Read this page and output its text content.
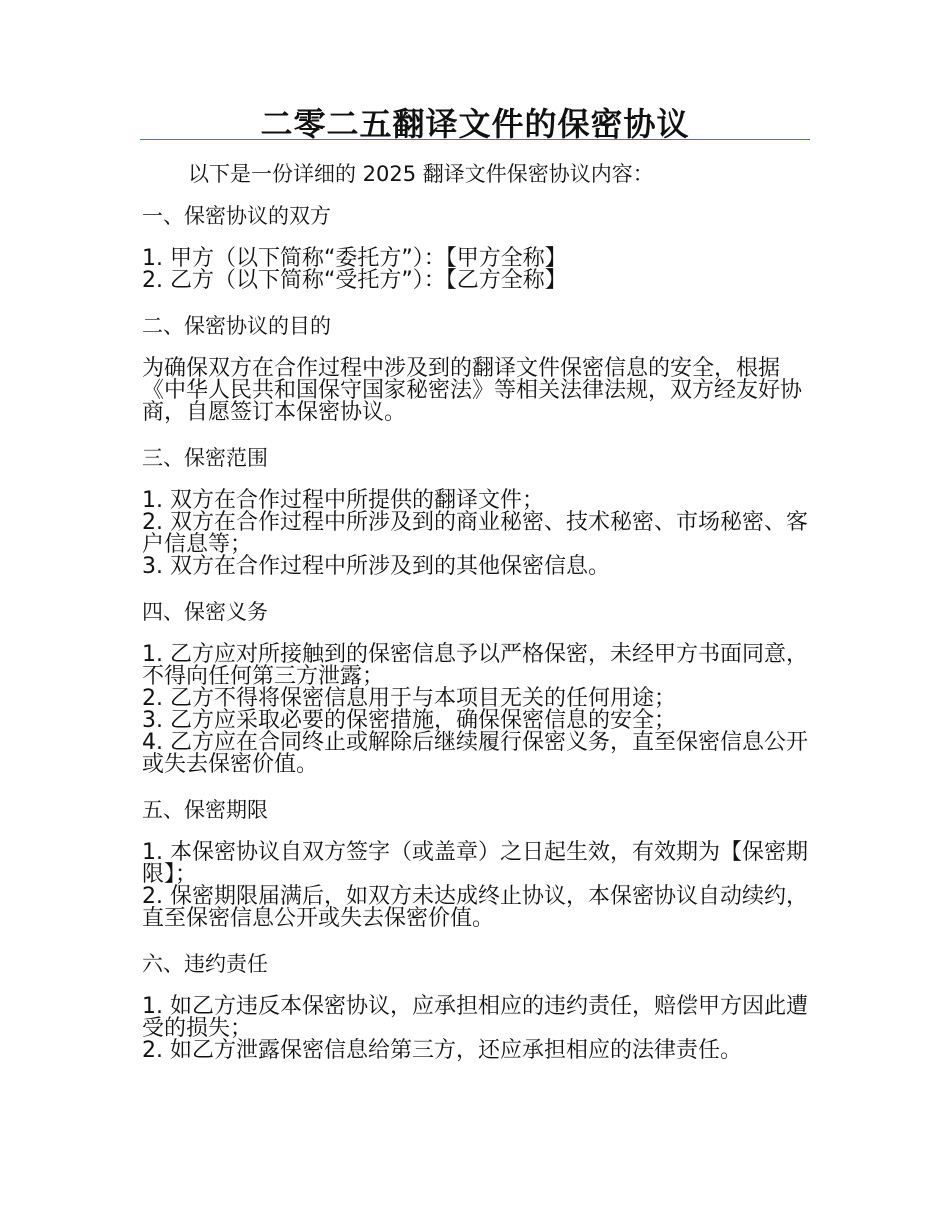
二零二五翻译文件的保密协议

以下是一份详细的 2025 翻译文件保密协议内容：

一、保密协议的双方

1. 甲方（以下简称“委托方”）：【甲方全称】

2. 乙方（以下简称“受托方”）：【乙方全称】

二、保密协议的目的

为确保双方在合作过程中涉及到的翻译文件保密信息的安全，根据《中华人民共和国保守国家秘密法》等相关法律法规，双方经友好协商，自愿签订本保密协议。

三、保密范围

1. 双方在合作过程中所提供的翻译文件；

2. 双方在合作过程中所涉及到的商业秘密、技术秘密、市场秘密、客户信息等；

3. 双方在合作过程中所涉及到的其他保密信息。

四、保密义务

1. 乙方应对所接触到的保密信息予以严格保密，未经甲方书面同意，不得向任何第三方泄露；

2. 乙方不得将保密信息用于与本项目无关的任何用途；

3. 乙方应采取必要的保密措施，确保保密信息的安全；

4. 乙方应在合同终止或解除后继续履行保密义务，直至保密信息公开或失去保密价值。

五、保密期限

1. 本保密协议自双方签字（或盖章）之日起生效，有效期为【保密期限】；

2. 保密期限届满后，如双方未达成终止协议，本保密协议自动续约，直至保密信息公开或失去保密价值。

六、违约责任

1. 如乙方违反本保密协议，应承担相应的违约责任，赔偿甲方因此遭受的损失；

2. 如乙方泄露保密信息给第三方，还应承担相应的法律责任。
